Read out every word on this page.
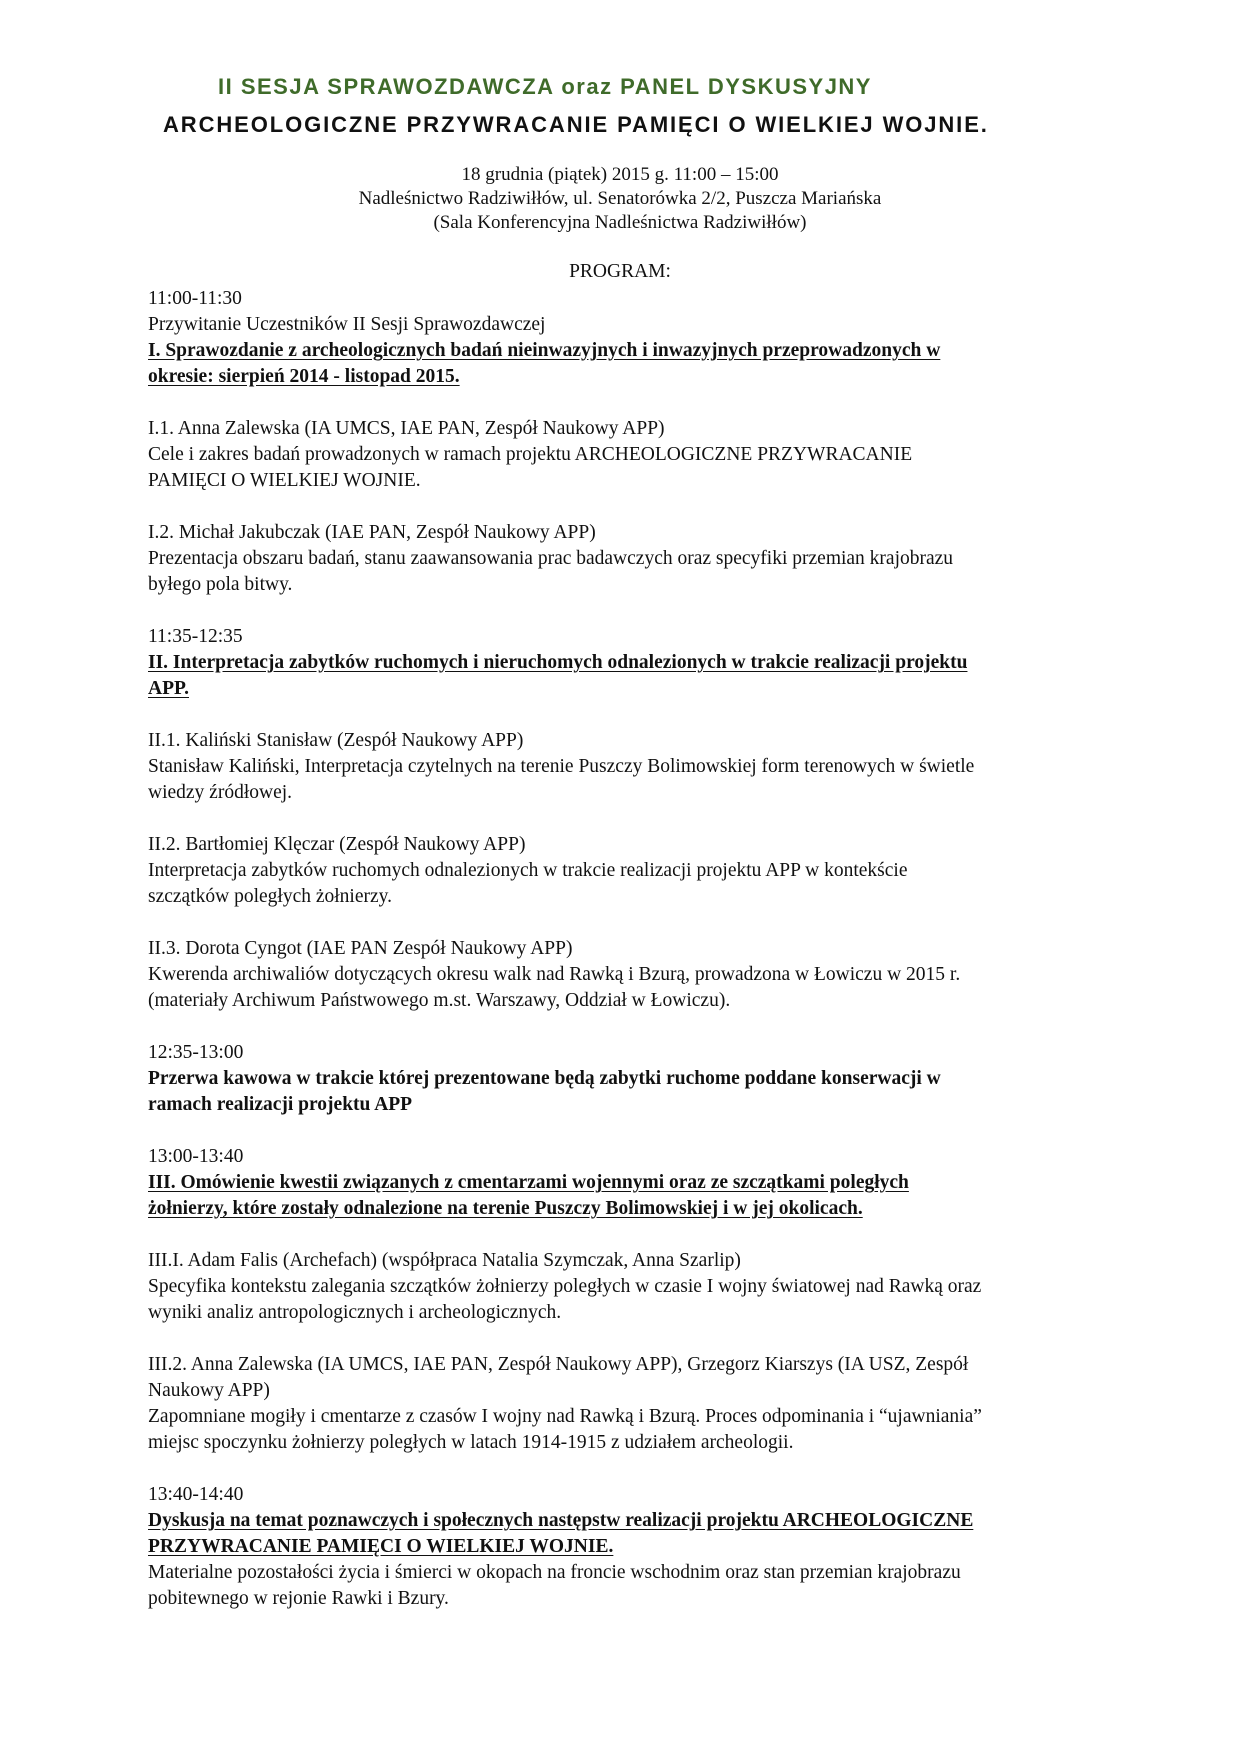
II SESJA SPRAWOZDAWCZA oraz PANEL DYSKUSYJNY
ARCHEOLOGICZNE PRZYWRACANIE PAMIĘCI O WIELKIEJ WOJNIE.
18 grudnia (piątek) 2015 g. 11:00 – 15:00
Nadleśnictwo Radziwiłłów, ul. Senatorówka 2/2, Puszcza Mariańska
(Sala Konferencyjna Nadleśnictwa Radziwiłłów)
PROGRAM:
11:00-11:30
Przywitanie Uczestników II Sesji Sprawozdawczej
I. Sprawozdanie z archeologicznych badań nieinwazyjnych i inwazyjnych przeprowadzonych w
okresie: sierpień 2014 - listopad 2015.
I.1. Anna Zalewska (IA UMCS, IAE PAN, Zespół Naukowy APP)
Cele i zakres badań prowadzonych w ramach projektu ARCHEOLOGICZNE PRZYWRACANIE
PAMIĘCI O WIELKIEJ WOJNIE.
I.2. Michał Jakubczak (IAE PAN, Zespół Naukowy APP)
Prezentacja obszaru badań, stanu zaawansowania prac badawczych oraz specyfiki przemian krajobrazu
byłego pola bitwy.
11:35-12:35
II. Interpretacja zabytków ruchomych i nieruchomych odnalezionych w trakcie realizacji projektu
APP.
II.1. Kaliński Stanisław (Zespół Naukowy APP)
Stanisław Kaliński, Interpretacja czytelnych na terenie Puszczy Bolimowskiej form terenowych w świetle
wiedzy źródłowej.
II.2. Bartłomiej Klęczar (Zespół Naukowy APP)
Interpretacja zabytków ruchomych odnalezionych w trakcie realizacji projektu APP w kontekście
szczątków poległych żołnierzy.
II.3. Dorota Cyngot (IAE PAN Zespół Naukowy APP)
Kwerenda archiwaliów dotyczących okresu walk nad Rawką i Bzurą, prowadzona w Łowiczu w 2015 r.
(materiały Archiwum Państwowego m.st. Warszawy, Oddział w Łowiczu).
12:35-13:00
Przerwa kawowa w trakcie której prezentowane będą zabytki ruchome poddane konserwacji w
ramach realizacji projektu APP
13:00-13:40
III. Omówienie kwestii związanych z cmentarzami wojennymi oraz ze szczątkami poległych
żołnierzy, które zostały odnalezione na terenie Puszczy Bolimowskiej i w jej okolicach.
III.I. Adam Falis (Archefach) (współpraca Natalia Szymczak, Anna Szarlip)
Specyfika kontekstu zalegania szczątków żołnierzy poległych w czasie I wojny światowej nad Rawką oraz
wyniki analiz antropologicznych i archeologicznych.
III.2. Anna Zalewska (IA UMCS, IAE PAN, Zespół Naukowy APP), Grzegorz Kiarszys (IA USZ, Zespół
Naukowy APP)
Zapomniane mogiły i cmentarze z czasów I wojny nad Rawką i Bzurą. Proces odpominania i “ujawniania”
miejsc spoczynku żołnierzy poległych w latach 1914-1915 z udziałem archeologii.
13:40-14:40
Dyskusja na temat poznawczych i społecznych następstw realizacji projektu ARCHEOLOGICZNE
PRZYWRACANIE PAMIĘCI O WIELKIEJ WOJNIE.
Materialne pozostałości życia i śmierci w okopach na froncie wschodnim oraz stan przemian krajobrazu
pobitewnego w rejonie Rawki i Bzury.
